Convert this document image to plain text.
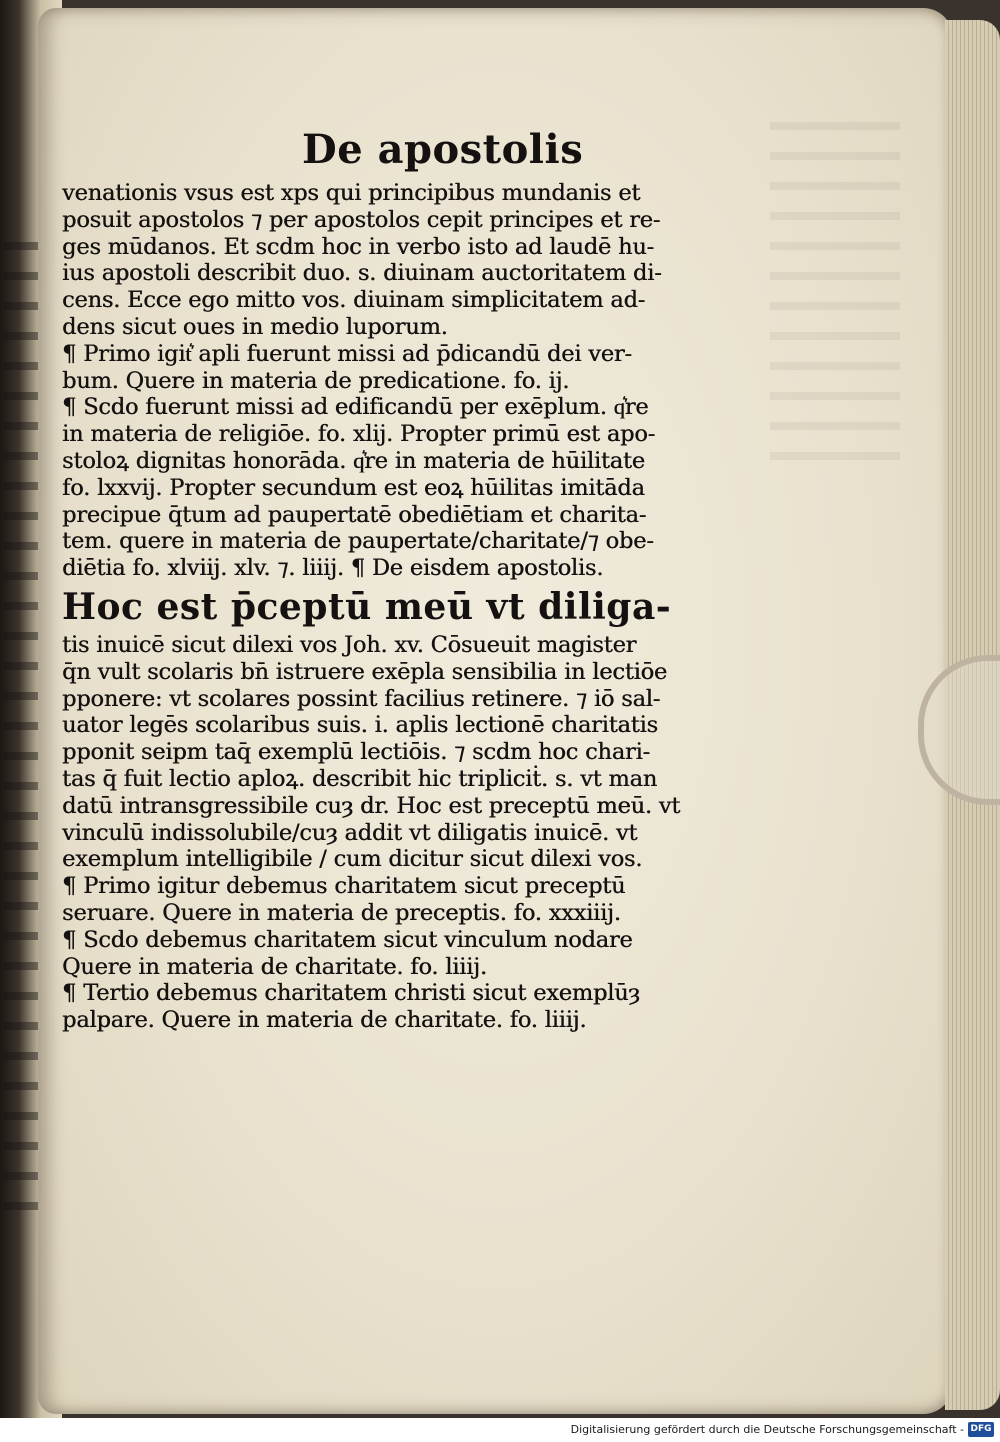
De apostolis
venationis vsus est xps qui principibus mundanis et
posuit apostolos ⁊ per apostolos cepit principes et re-
ges mūdanos. Et scdm hoc in verbo isto ad laudē hu-
ius apostoli describit duo. s. diuinam auctoritatem di-
cens. Ecce ego mitto vos. diuinam simplicitatem ad-
dens sicut oues in medio luporum.
¶ Primo igit͛ apli fuerunt missi ad p̄dicandū dei ver-
bum. Quere in materia de predicatione. fo. ij.
¶ Scdo fuerunt missi ad edificandū per exēplum. q͛re
in materia de religiōe. fo. xlij. Propter primū est apo-
stoloꝝ dignitas honorāda. q͛re in materia de hūilitate
fo. lxxvij. Propter secundum est eoꝝ hūilitas imitāda
precipue q̄tum ad paupertatē obediētiam et charita-
tem. quere in materia de paupertate/charitate/⁊ obe-
diētia fo. xlviij. xlv. ⁊. liiij. ¶ De eisdem apostolis.
Hoc est p̄ceptū meū vt diliga-
tis inuicē sicut dilexi vos Joh. xv. Cōsueuit magister
q̄n vult scolaris bn̄ istruere exēpla sensibilia in lectiōe
pponere: vt scolares possint facilius retinere. ⁊ iō sal-
uator legēs scolaribus suis. i. aplis lectionē charitatis
pponit seipm taq̄ exemplū lectiōis. ⁊ scdm hoc chari-
tas q̄ fuit lectio aploꝝ. describit hic tripliciṫ. s. vt man
datū intransgressibile cuȝ dr. Hoc est preceptū meū. vt
vinculū indissolubile/cuȝ addit vt diligatis inuicē. vt
exemplum intelligibile / cum dicitur sicut dilexi vos.
¶ Primo igitur debemus charitatem sicut preceptū
seruare. Quere in materia de preceptis. fo. xxxiiij.
¶ Scdo debemus charitatem sicut vinculum nodare
Quere in materia de charitate. fo. liiij.
¶ Tertio debemus charitatem christi sicut exemplūȝ
palpare. Quere in materia de charitate. fo. liiij.
Digitalisierung gefördert durch die Deutsche Forschungsgemeinschaft - DFG
